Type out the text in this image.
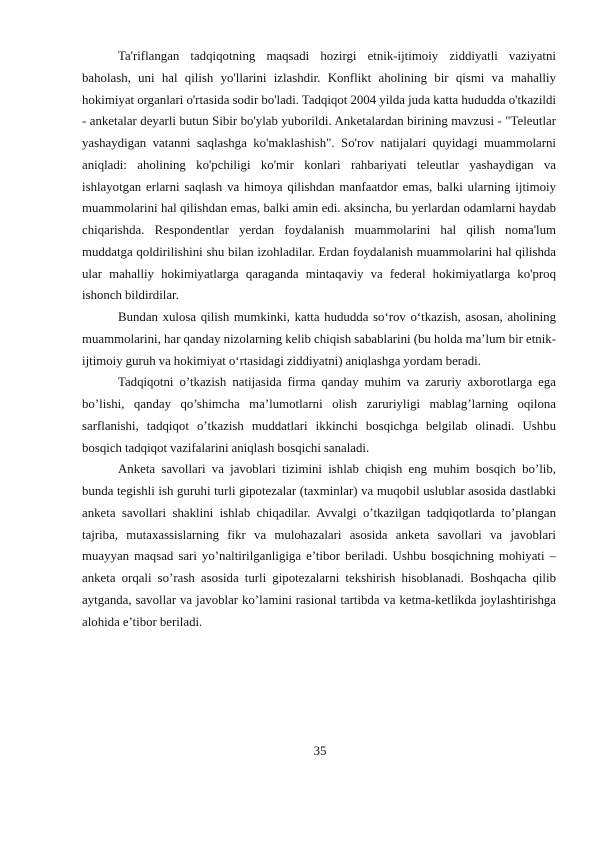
Ta'riflangan tadqiqotning maqsadi hozirgi etnik-ijtimoiy ziddiyatli vaziyatni baholash, uni hal qilish yo'llarini izlashdir. Konflikt aholining bir qismi va mahalliy hokimiyat organlari o'rtasida sodir bo'ladi. Tadqiqot 2004 yilda juda katta hududda o'tkazildi - anketalar deyarli butun Sibir bo'ylab yuborildi. Anketalardan birining mavzusi - "Teleutlar yashaydigan vatanni saqlashga ko'maklashish". So'rov natijalari quyidagi muammolarni aniqladi: aholining ko'pchiligi ko'mir konlari rahbariyati teleutlar yashaydigan va ishlayotgan erlarni saqlash va himoya qilishdan manfaatdor emas, balki ularning ijtimoiy muammolarini hal qilishdan emas, balki amin edi. aksincha, bu yerlardan odamlarni haydab chiqarishda. Respondentlar yerdan foydalanish muammolarini hal qilish noma'lum muddatga qoldirilishini shu bilan izohladilar. Erdan foydalanish muammolarini hal qilishda ular mahalliy hokimiyatlarga qaraganda mintaqaviy va federal hokimiyatlarga ko'proq ishonch bildirdilar.

Bundan xulosa qilish mumkinki, katta hududda so‘rov o‘tkazish, asosan, aholining muammolarini, har qanday nizolarning kelib chiqish sabablarini (bu holda ma’lum bir etnik-ijtimoiy guruh va hokimiyat o‘rtasidagi ziddiyatni) aniqlashga yordam beradi.

Tadqiqotni o’tkazish natijasida firma qanday muhim va zaruriy axborotlarga ega bo’lishi, qanday qo’shimcha ma’lumotlarni olish zaruriyligi mablag’larning oqilona sarflanishi, tadqiqot o’tkazish muddatlari ikkinchi bosqichga belgilab olinadi. Ushbu bosqich tadqiqot vazifalarini aniqlash bosqichi sanaladi.

Anketa savollari va javoblari tizimini ishlab chiqish eng muhim bosqich bo’lib, bunda tegishli ish guruhi turli gipotezalar (taxminlar) va muqobil uslublar asosida dastlabki anketa savollari shaklini ishlab chiqadilar. Avvalgi o’tkazilgan tadqiqotlarda to’plangan tajriba, mutaxassislarning fikr va mulohazalari asosida anketa savollari va javoblari muayyan maqsad sari yo’naltirilganligiga e’tibor beriladi. Ushbu bosqichning mohiyati – anketa orqali so’rash asosida turli gipotezalarni tekshirish hisoblanadi. Boshqacha qilib aytganda, savollar va javoblar ko’lamini rasional tartibda va ketma-ketlikda joylashtirishga alohida e’tibor beriladi.

35
